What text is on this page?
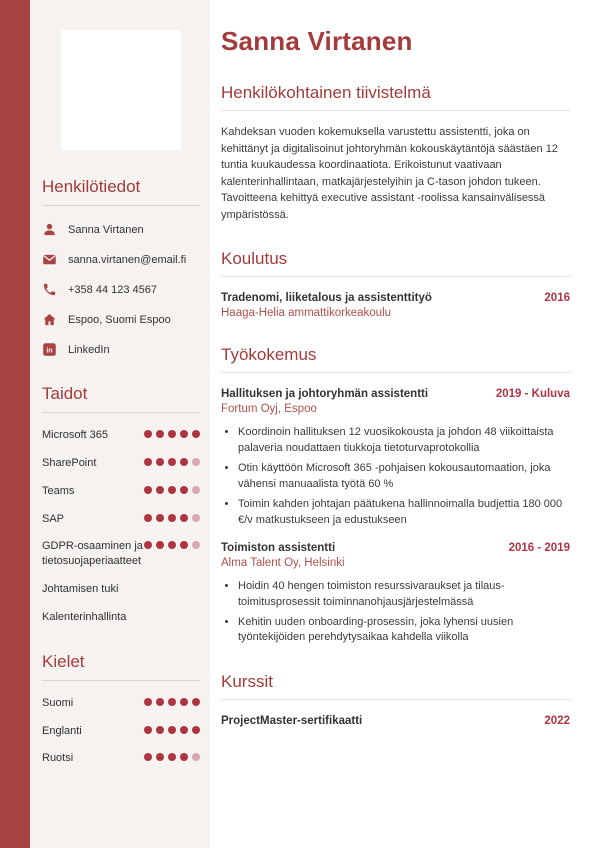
Henkilötiedot
Sanna Virtanen
sanna.virtanen@email.fi
+358 44 123 4567
Espoo, Suomi Espoo
in LinkedIn
Taidot
Microsoft 365
SharePoint
Teams
SAP
GDPR-osaaminen ja tietosuojaperiaatteet
Johtamisen tuki
Kalenterinhallinta
Kielet
Suomi
Englanti
Ruotsi
Sanna Virtanen
Henkilökohtainen tiivistelmä

Kahdeksan vuoden kokemuksella varustettu assistentti, joka on kehittänyt ja digitalisoinut johtoryhmän kokouskäytäntöjä säästäen 12 tuntia kuukaudessa koordinaatiota. Erikoistunut vaativaan kalenterinhallintaan, matkajärjestelyihin ja C-tason johdon tukeen. Tavoitteena kehittyä executive assistant -roolissa kansainvälisessä ympäristössä.

Koulutus
Tradenomi, liiketalous ja assistenttityö	2016
Haaga-Helia ammattikorkeakoulu
Työkokemus
Hallituksen ja johtoryhmän assistentti	2019 - Kuluva
Fortum Oyj, Espoo
• Koordinoin hallituksen 12 vuosikokousta ja johdon 48 viikoittaista palaveria noudattaen tiukkoja tietoturvaprotokollia
• Otin käyttöön Microsoft 365 -pohjaisen kokousautomaation, joka vähensi manuaalista työtä 60 %
• Toimin kahden johtajan päätukena hallinnoimalla budjettia 180 000 €/v matkustukseen ja edustukseen
Toimiston assistentti	2016 - 2019
Alma Talent Oy, Helsinki
• Hoidin 40 hengen toimiston resurssivaraukset ja tilaus-toimitusprosessit toiminnanohjausjärjestelmässä
• Kehitin uuden onboarding-prosessin, joka lyhensi uusien työntekijöiden perehdytysaikaa kahdella viikolla
Kurssit
ProjectMaster-sertifikaatti	2022
